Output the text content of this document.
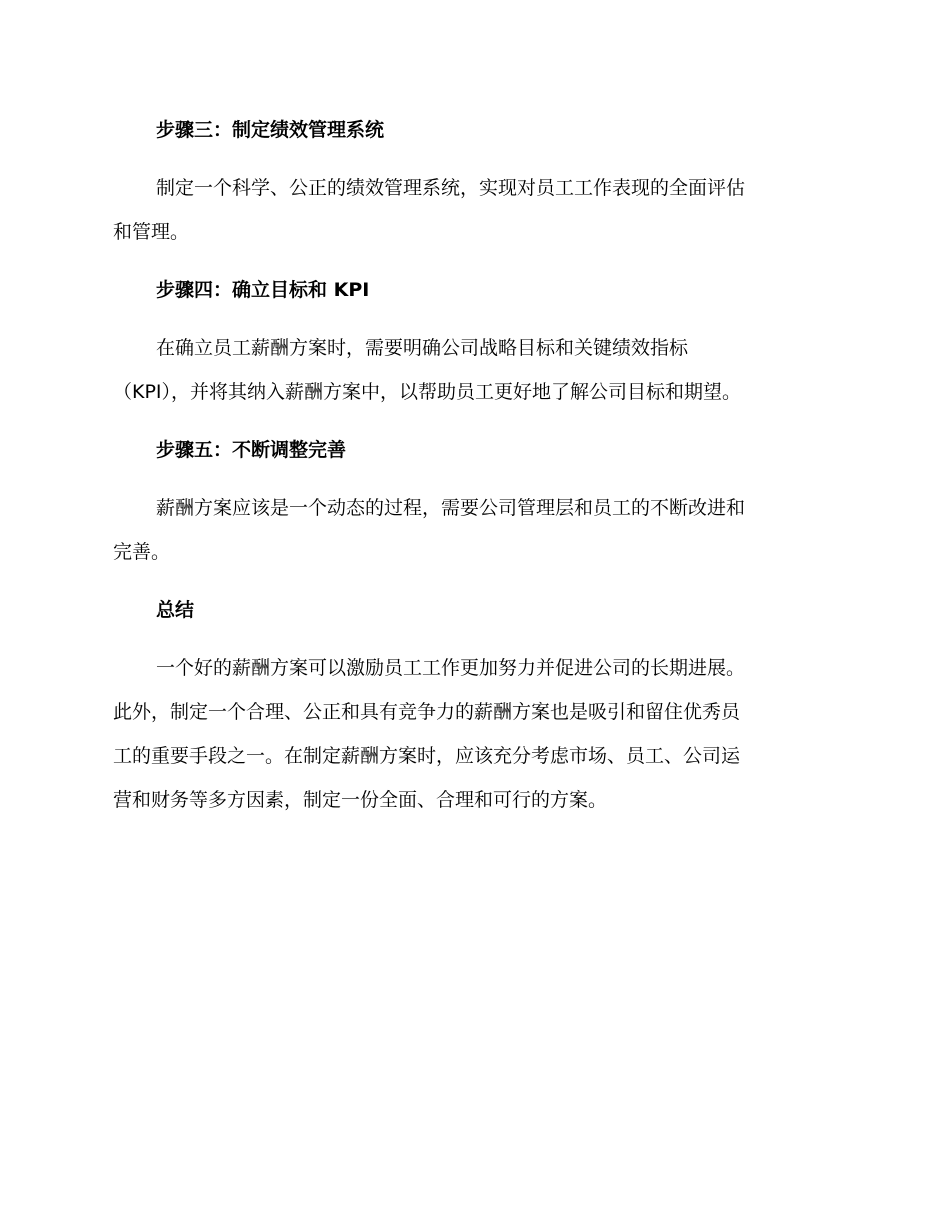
步骤三：制定绩效管理系统

制定一个科学、公正的绩效管理系统，实现对员工工作表现的全面评估
和管理。

步骤四：确立目标和 KPI

在确立员工薪酬方案时，需要明确公司战略目标和关键绩效指标
（KPI），并将其纳入薪酬方案中，以帮助员工更好地了解公司目标和期望。

步骤五：不断调整完善

薪酬方案应该是一个动态的过程，需要公司管理层和员工的不断改进和
完善。

总结

一个好的薪酬方案可以激励员工工作更加努力并促进公司的长期进展。
此外，制定一个合理、公正和具有竞争力的薪酬方案也是吸引和留住优秀员
工的重要手段之一。在制定薪酬方案时，应该充分考虑市场、员工、公司运
营和财务等多方因素，制定一份全面、合理和可行的方案。
